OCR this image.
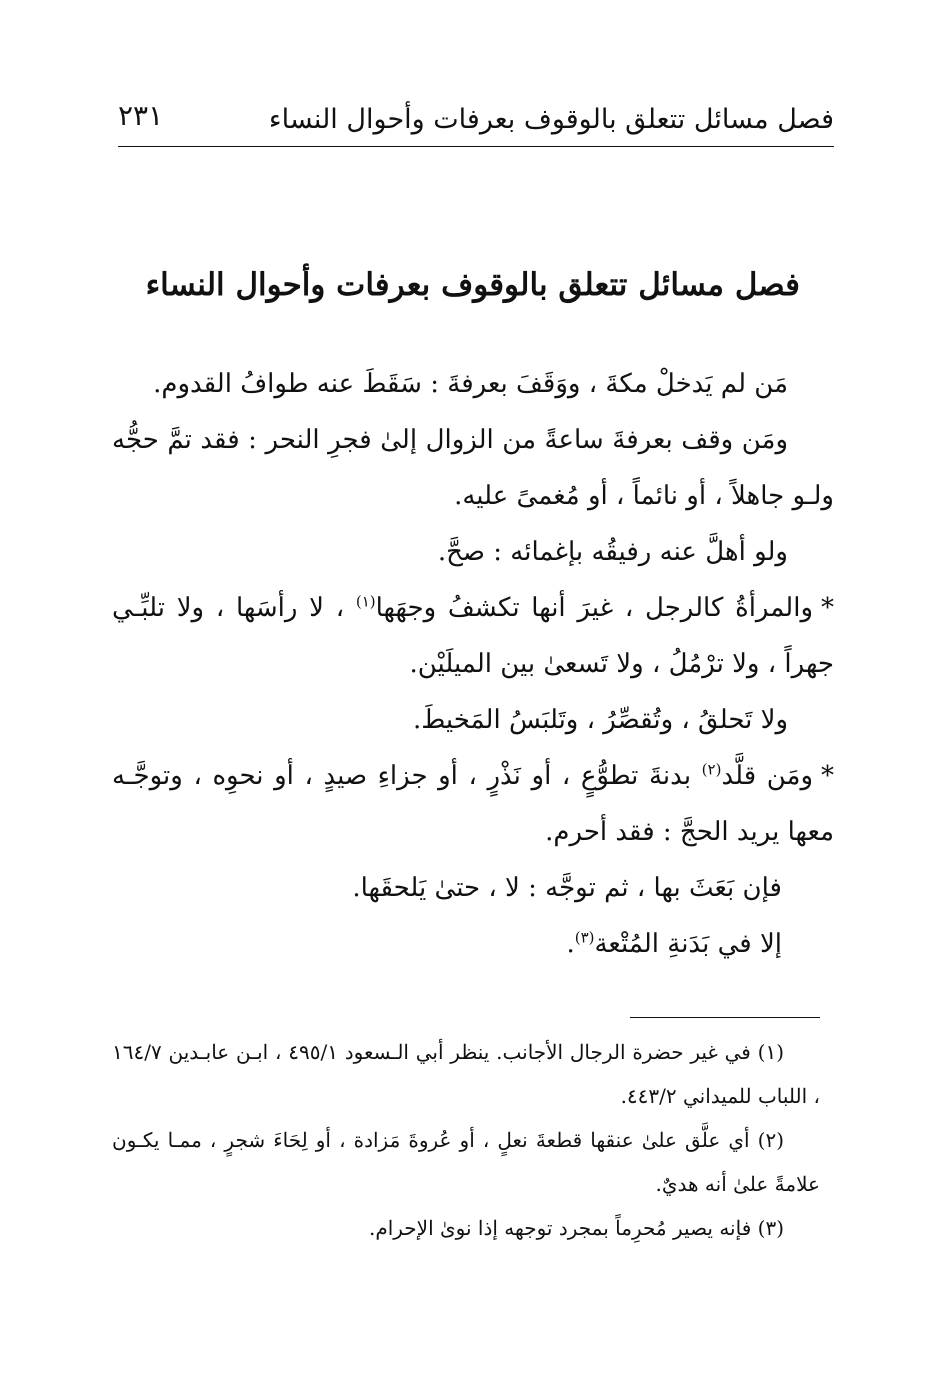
فصل مسائل تتعلق بالوقوف بعرفات وأحوال النساء
٢٣١
فصل مسائل تتعلق بالوقوف بعرفات وأحوال النساء

مَن لم يَدخلْ مكةَ ، ووَقَفَ بعرفةَ : سَقَطَ عنه طوافُ القدوم.

ومَن وقف بعرفةَ ساعةً من الزوال إلىٰ فجرِ النحر : فقد تمَّ حجُّه ولـو جاهلاً ، أو نائماً ، أو مُغمىً عليه.

ولو أهلَّ عنه رفيقُه بإغمائه : صحَّ.

*والمرأةُ كالرجل ، غيرَ أنها تكشفُ وجهَها$^{(١)}$ ، لا رأسَها ، ولا تلبِّـي جهراً ، ولا ترْمُلُ ، ولا تَسعىٰ بين الميلَيْن.

ولا تَحلقُ ، وتُقصِّرُ ، وتَلبَسُ المَخيطَ.

*ومَن قلَّد$^{(٢)}$ بدنةَ تطوُّعٍ ، أو نَذْرٍ ، أو جزاءِ صيدٍ ، أو نحوِه ، وتوجَّـه معها يريد الحجَّ : فقد أحرم.

فإن بَعَثَ بها ، ثم توجَّه : لا ، حتىٰ يَلحقَها.

إلا في بَدَنةِ المُتْعة$^{(٣)}$.

(١) في غير حضرة الرجال الأجانب. ينظر أبي الـسعود ٤٩٥/١ ، ابـن عابـدين ١٦٤/٧ ، اللباب للميداني ٤٤٣/٢.

(٢) أي علَّق علىٰ عنقها قطعةَ نعلٍ ، أو عُروةَ مَزادة ، أو لِحَاءَ شجرٍ ، ممـا يكـون علامةً علىٰ أنه هديٌ.

(٣) فإنه يصير مُحرِماً بمجرد توجهه إذا نوىٰ الإحرام.
